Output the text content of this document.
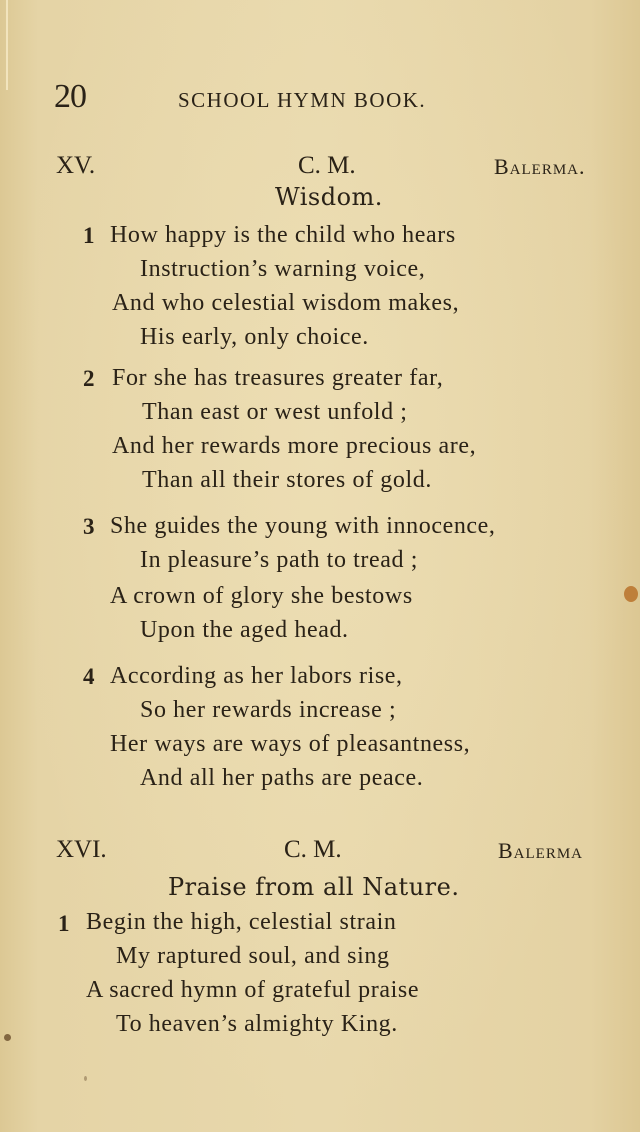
20	SCHOOL HYMN BOOK.
XV.	C. M.	Balerma.
Wisdom.
1 How happy is the child who hears
Instruction’s warning voice,
And who celestial wisdom makes,
His early, only choice.
2 For she has treasures greater far,
Than east or west unfold ;
And her rewards more precious are,
Than all their stores of gold.
3 She guides the young with innocence,
In pleasure’s path to tread ;
A crown of glory she bestows
Upon the aged head.
4 According as her labors rise,
So her rewards increase ;
Her ways are ways of pleasantness,
And all her paths are peace.
XVI.	C. M.	Balerma
Praise from all Nature.
1 Begin the high, celestial strain
My raptured soul, and sing
A sacred hymn of grateful praise
To heaven’s almighty King.
